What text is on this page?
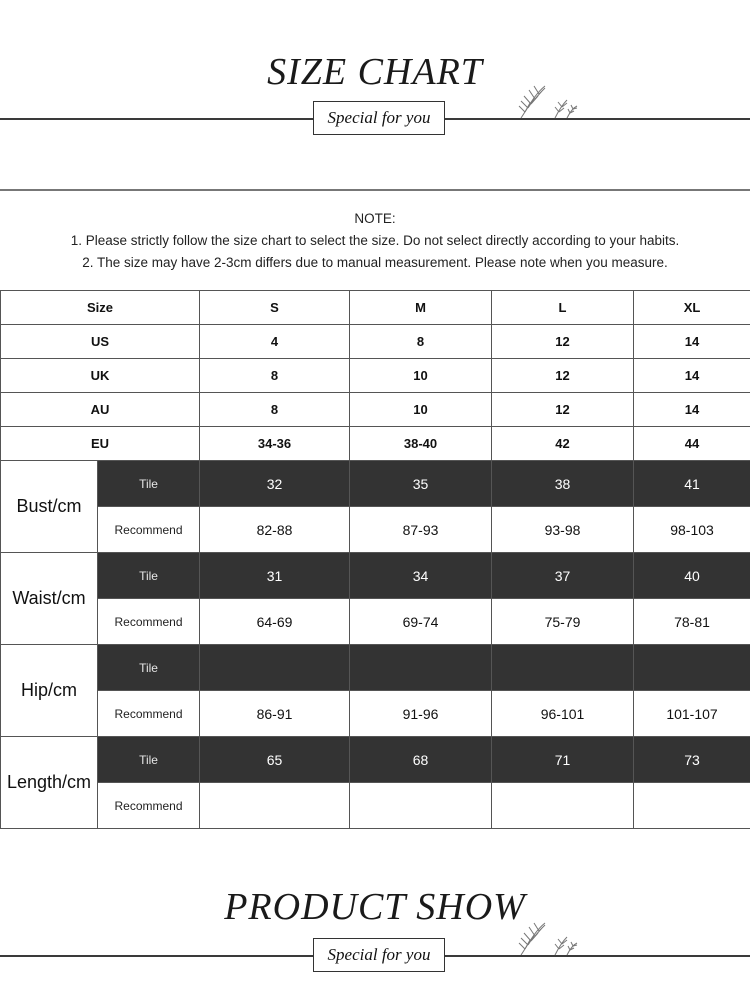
SIZE CHART
Special for you
NOTE:
1. Please strictly follow the size chart to select the size. Do not select directly according to your habits.
2. The size may have 2-3cm differs due to manual measurement. Please note when you measure.
Size		S	M	L	XL
US		4	8	12	14
UK		8	10	12	14
AU		8	10	12	14
EU		34-36	38-40	42	44
Bust/cm	Tile	32	35	38	41
	Recommend	82-88	87-93	93-98	98-103
Waist/cm	Tile	31	34	37	40
	Recommend	64-69	69-74	75-79	78-81
Hip/cm	Tile				
	Recommend	86-91	91-96	96-101	101-107
Length/cm	Tile	65	68	71	73
	Recommend				
PRODUCT SHOW
Special for you
